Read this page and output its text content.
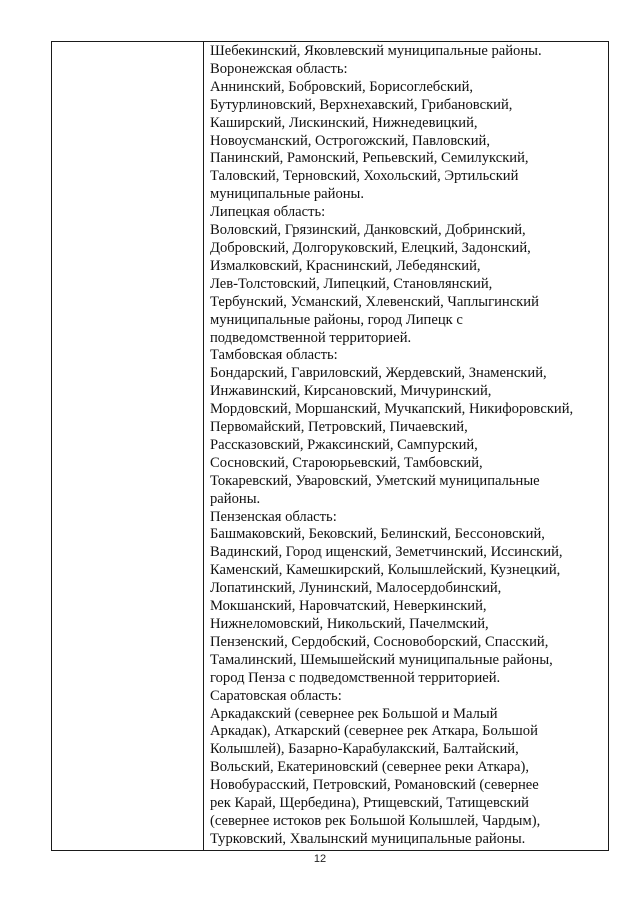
Шебекинский, Яковлевский муниципальные районы.
Воронежская область:
Аннинский, Бобровский, Борисоглебский,
Бутурлиновский, Верхнехавский, Грибановский,
Каширский, Лискинский, Нижнедевицкий,
Новоусманский, Острогожский, Павловский,
Панинский, Рамонский, Репьевский, Семилукский,
Таловский, Терновский, Хохольский, Эртильский
муниципальные районы.
Липецкая область:
Воловский, Грязинский, Данковский, Добринский,
Добровский, Долгоруковский, Елецкий, Задонский,
Измалковский, Краснинский, Лебедянский,
Лев-Толстовский, Липецкий, Становлянский,
Тербунский, Усманский, Хлевенский, Чаплыгинский
муниципальные районы, город Липецк с
подведомственной территорией.
Тамбовская область:
Бондарский, Гавриловский, Жердевский, Знаменский,
Инжавинский, Кирсановский, Мичуринский,
Мордовский, Моршанский, Мучкапский, Никифоровский,
Первомайский, Петровский, Пичаевский,
Рассказовский, Ржаксинский, Сампурский,
Сосновский, Староюрьевский, Тамбовский,
Токаревский, Уваровский, Уметский муниципальные
районы.
Пензенская область:
Башмаковский, Бековский, Белинский, Бессоновский,
Вадинский, Город ищенский, Земетчинский, Иссинский,
Каменский, Камешкирский, Колышлейский, Кузнецкий,
Лопатинский, Лунинский, Малосердобинский,
Мокшанский, Наровчатский, Неверкинский,
Нижнеломовский, Никольский, Пачелмский,
Пензенский, Сердобский, Сосновоборский, Спасский,
Тамалинский, Шемышейский муниципальные районы,
город Пенза с подведомственной территорией.
Саратовская область:
Аркадакский (севернее рек Большой и Малый
Аркадак), Аткарский (севернее рек Аткара, Большой
Колышлей), Базарно-Карабулакский, Балтайский,
Вольский, Екатериновский (севернее реки Аткара),
Новобурасский, Петровский, Романовский (севернее
рек Карай, Щербедина), Ртищевский, Татищевский
(севернее истоков рек Большой Колышлей, Чардым),
Турковский, Хвалынский муниципальные районы.
12
